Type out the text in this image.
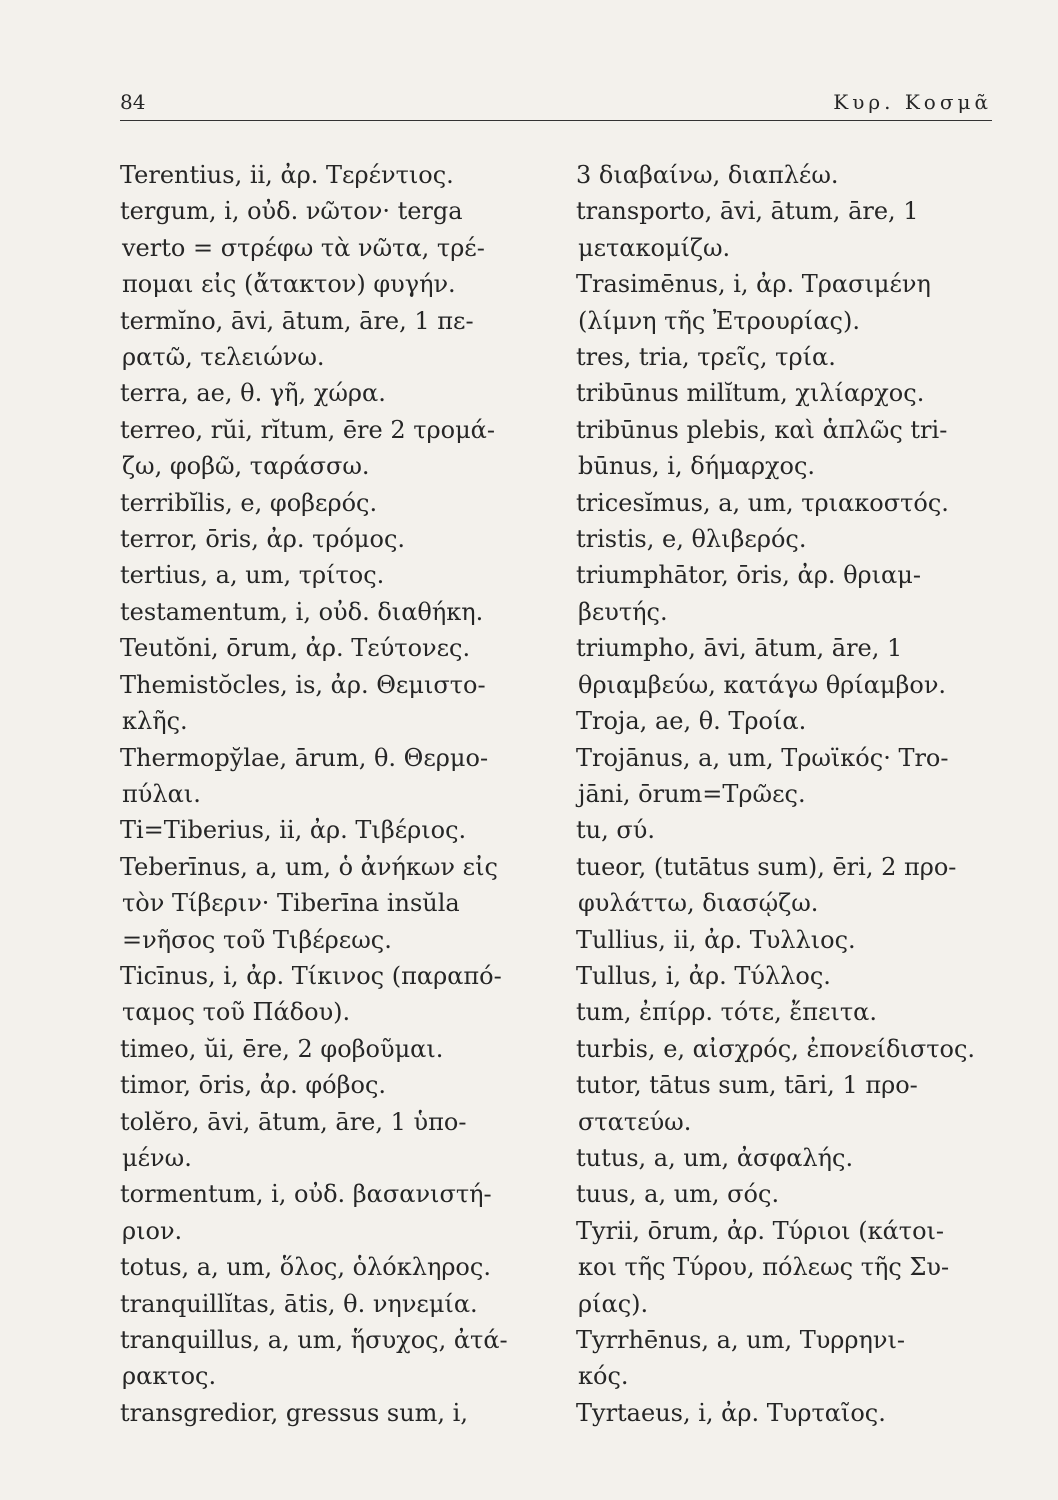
84	Κυρ. Κοσμᾶ
Terentius, ii, ἀρ. Τερέντιος.
tergum, i, οὐδ. νῶτον· terga
verto = στρέφω τὰ νῶτα, τρέ-
πομαι εἰς (ἄτακτον) φυγήν.
termĭno, āvi, ātum, āre, 1 πε-
ρατῶ, τελειώνω.
terra, ae, θ. γῆ, χώρα.
terreo, rŭi, rĭtum, ēre 2 τρομά-
ζω, φοβῶ, ταράσσω.
terribĭlis, e, φοβερός.
terror, ōris, ἀρ. τρόμος.
tertius, a, um, τρίτος.
testamentum, i, οὐδ. διαθήκη.
Teutŏni, ōrum, ἀρ. Τεύτονες.
Themistŏcles, is, ἀρ. Θεμιστο-
κλῆς.
Thermopy̆lae, ārum, θ. Θερμο-
πύλαι.
Ti=Tiberius, ii, ἀρ. Τιβέριος.
Teberīnus, a, um, ὁ ἀνήκων εἰς
τὸν Τίβεριν· Tiberīna insŭla
=νῆσος τοῦ Τιβέρεως.
Ticīnus, i, ἀρ. Τίκινος (παραπό-
ταμος τοῦ Πάδου).
timeo, ŭi, ēre, 2 φοβοῦμαι.
timor, ōris, ἀρ. φόβος.
tolĕro, āvi, ātum, āre, 1 ὑπο-
μένω.
tormentum, i, οὐδ. βασανιστή-
ριον.
totus, a, um, ὅλος, ὁλόκληρος.
tranquillĭtas, ātis, θ. νηνεμία.
tranquillus, a, um, ἥσυχος, ἀτά-
ρακτος.
transgredior, gressus sum, i,
3 διαβαίνω, διαπλέω.
transporto, āvi, ātum, āre, 1
μετακομίζω.
Trasimēnus, i, ἀρ. Τρασιμένη
(λίμνη τῆς Ἐτρουρίας).
tres, tria, τρεῖς, τρία.
tribūnus milĭtum, χιλίαρχος.
tribūnus plebis, καὶ ἁπλῶς tri-
būnus, i, δήμαρχος.
tricesĭmus, a, um, τριακοστός.
tristis, e, θλιβερός.
triumphātor, ōris, ἀρ. θριαμ-
βευτής.
triumpho, āvi, ātum, āre, 1
θριαμβεύω, κατάγω θρίαμβον.
Troja, ae, θ. Τροία.
Trojānus, a, um, Τρωϊκός· Tro-
jāni, ōrum=Τρῶες.
tu, σύ.
tueor, (tutātus sum), ēri, 2 προ-
φυλάττω, διασῴζω.
Tullius, ii, ἀρ. Τυλλιος.
Tullus, i, ἀρ. Τύλλος.
tum, ἐπίρρ. τότε, ἔπειτα.
turbis, e, αἰσχρός, ἐπονείδιστος.
tutor, tātus sum, tāri, 1 προ-
στατεύω.
tutus, a, um, ἀσφαλής.
tuus, a, um, σός.
Tyrii, ōrum, ἀρ. Τύριοι (κάτοι-
κοι τῆς Τύρου, πόλεως τῆς Συ-
ρίας).
Tyrrhēnus, a, um, Τυρρηνι-
κός.
Tyrtaeus, i, ἀρ. Τυρταῖος.
